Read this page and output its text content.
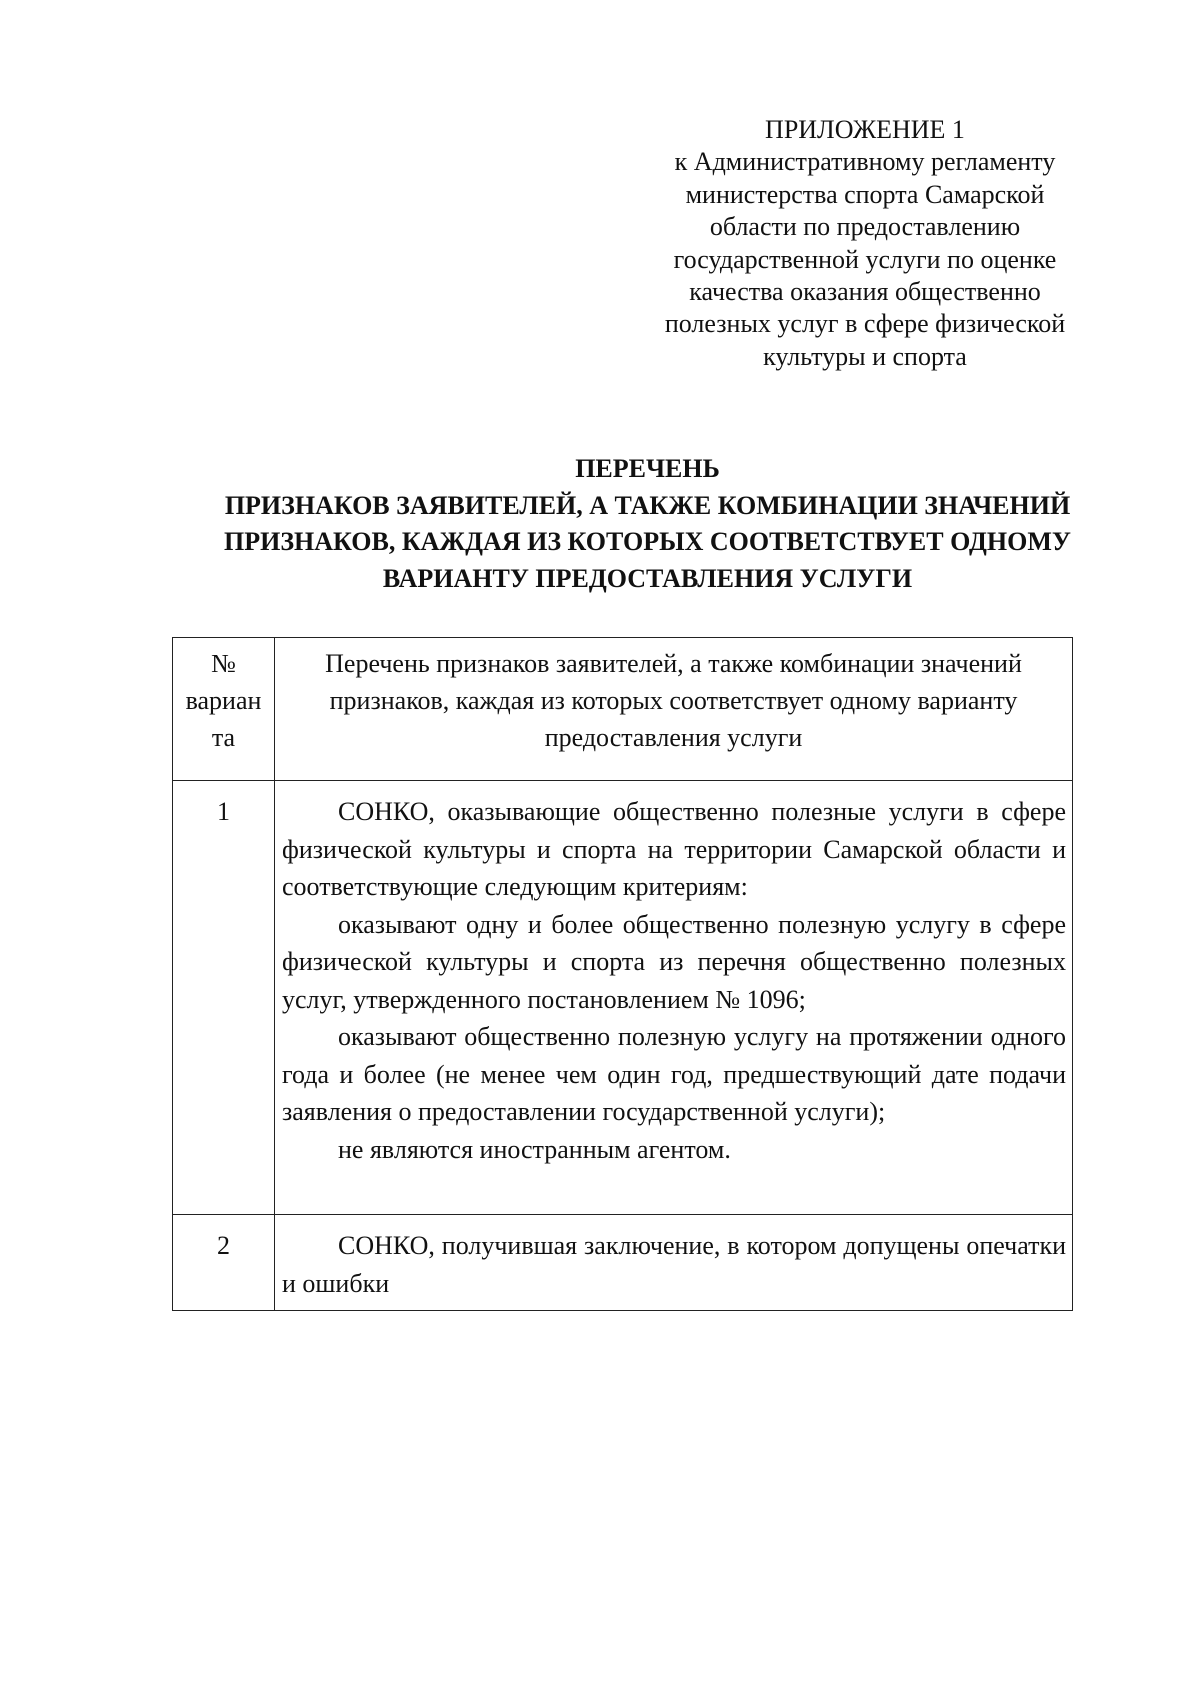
ПРИЛОЖЕНИЕ 1
к Административному регламенту
министерства спорта Самарской
области по предоставлению
государственной услуги по оценке
качества оказания общественно
полезных услуг в сфере физической
культуры и спорта
ПЕРЕЧЕНЬ
ПРИЗНАКОВ ЗАЯВИТЕЛЕЙ, А ТАКЖЕ КОМБИНАЦИИ ЗНАЧЕНИЙ
ПРИЗНАКОВ, КАЖДАЯ ИЗ КОТОРЫХ СООТВЕТСТВУЕТ ОДНОМУ
ВАРИАНТУ ПРЕДОСТАВЛЕНИЯ УСЛУГИ
№
вариан
та	Перечень признаков заявителей, а также комбинации значений
признаков, каждая из которых соответствует одному варианту
предоставления услуги

1	СОНКО, оказывающие общественно полезные услуги в сфере физической культуры и спорта на территории Самарской области и соответствующие следующим критериям:

оказывают одну и более общественно полезную услугу в сфере физической культуры и спорта из перечня общественно полезных услуг, утвержденного постановлением № 1096;

оказывают общественно полезную услугу на протяжении одного года и более (не менее чем один год, предшествующий дате подачи заявления о предоставлении государственной услуги);

не являются иностранным агентом.

2	СОНКО, получившая заключение, в котором допущены опечатки и ошибки
